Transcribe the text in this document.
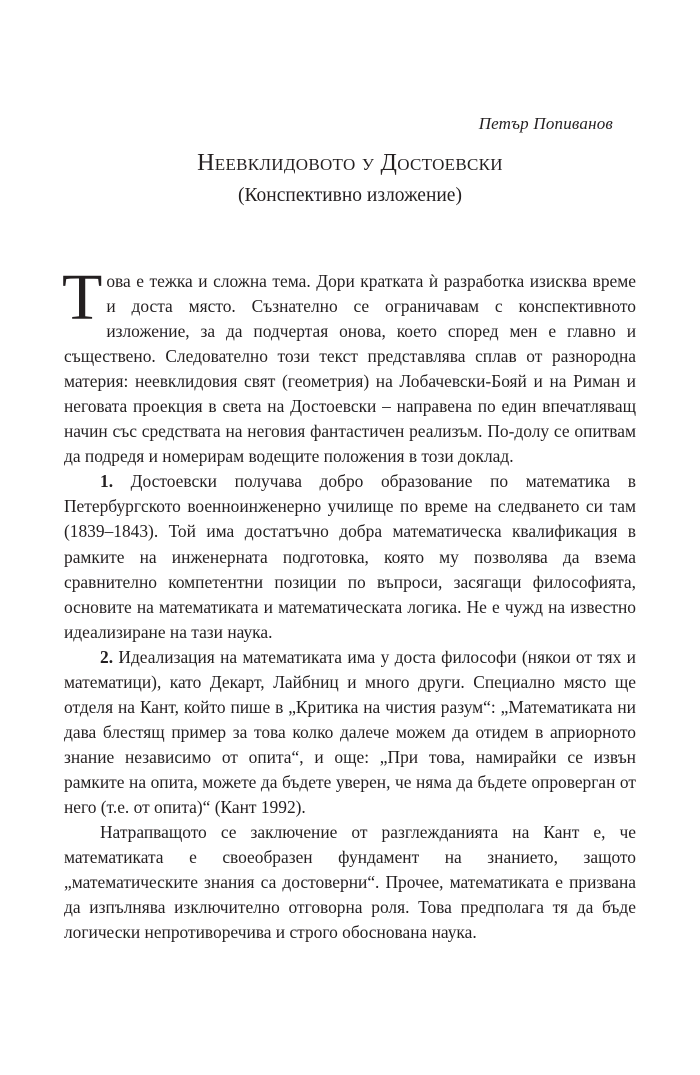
Петър Попиванов
Неевклидовото у Достоевски
(Конспективно изложение)

Това е тежка и сложна тема. Дори кратката ѝ разработка изисква време и доста място. Съзнателно се ограничавам с конспективното изложение, за да подчертая онова, което според мен е главно и съществено. Следователно този текст представлява сплав от разнородна материя: неевклидовия свят (геометрия) на Лобачевски-Бояй и на Риман и неговата проекция в света на Достоевски – направена по един впечатляващ начин със средствата на неговия фантастичен реализъм. По-долу се опитвам да подредя и номерирам водещите положения в този доклад.

1. Достоевски получава добро образование по математика в Петербургското военноинженерно училище по време на следването си там (1839–1843). Той има достатъчно добра математическа квалификация в рамките на инженерната подготовка, която му позволява да взема сравнително компетентни позиции по въпроси, засягащи философията, основите на математиката и математическата логика. Не е чужд на известно идеализиране на тази наука.

2. Идеализация на математиката има у доста философи (някои от тях и математици), като Декарт, Лайбниц и много други. Специално място ще отделя на Кант, който пише в „Критика на чистия разум“: „Математиката ни дава блестящ пример за това колко далече можем да отидем в априорното знание независимо от опита“, и още: „При това, намирайки се извън рамките на опита, можете да бъдете уверен, че няма да бъдете опроверган от него (т.е. от опита)“ (Кант 1992).

Натрапващото се заключение от разглежданията на Кант е, че математиката е своеобразен фундамент на знанието, защото „математическите знания са достоверни“. Прочее, математиката е призвана да изпълнява изключително отговорна роля. Това предполага тя да бъде логически непротиворечива и строго обоснована наука.
